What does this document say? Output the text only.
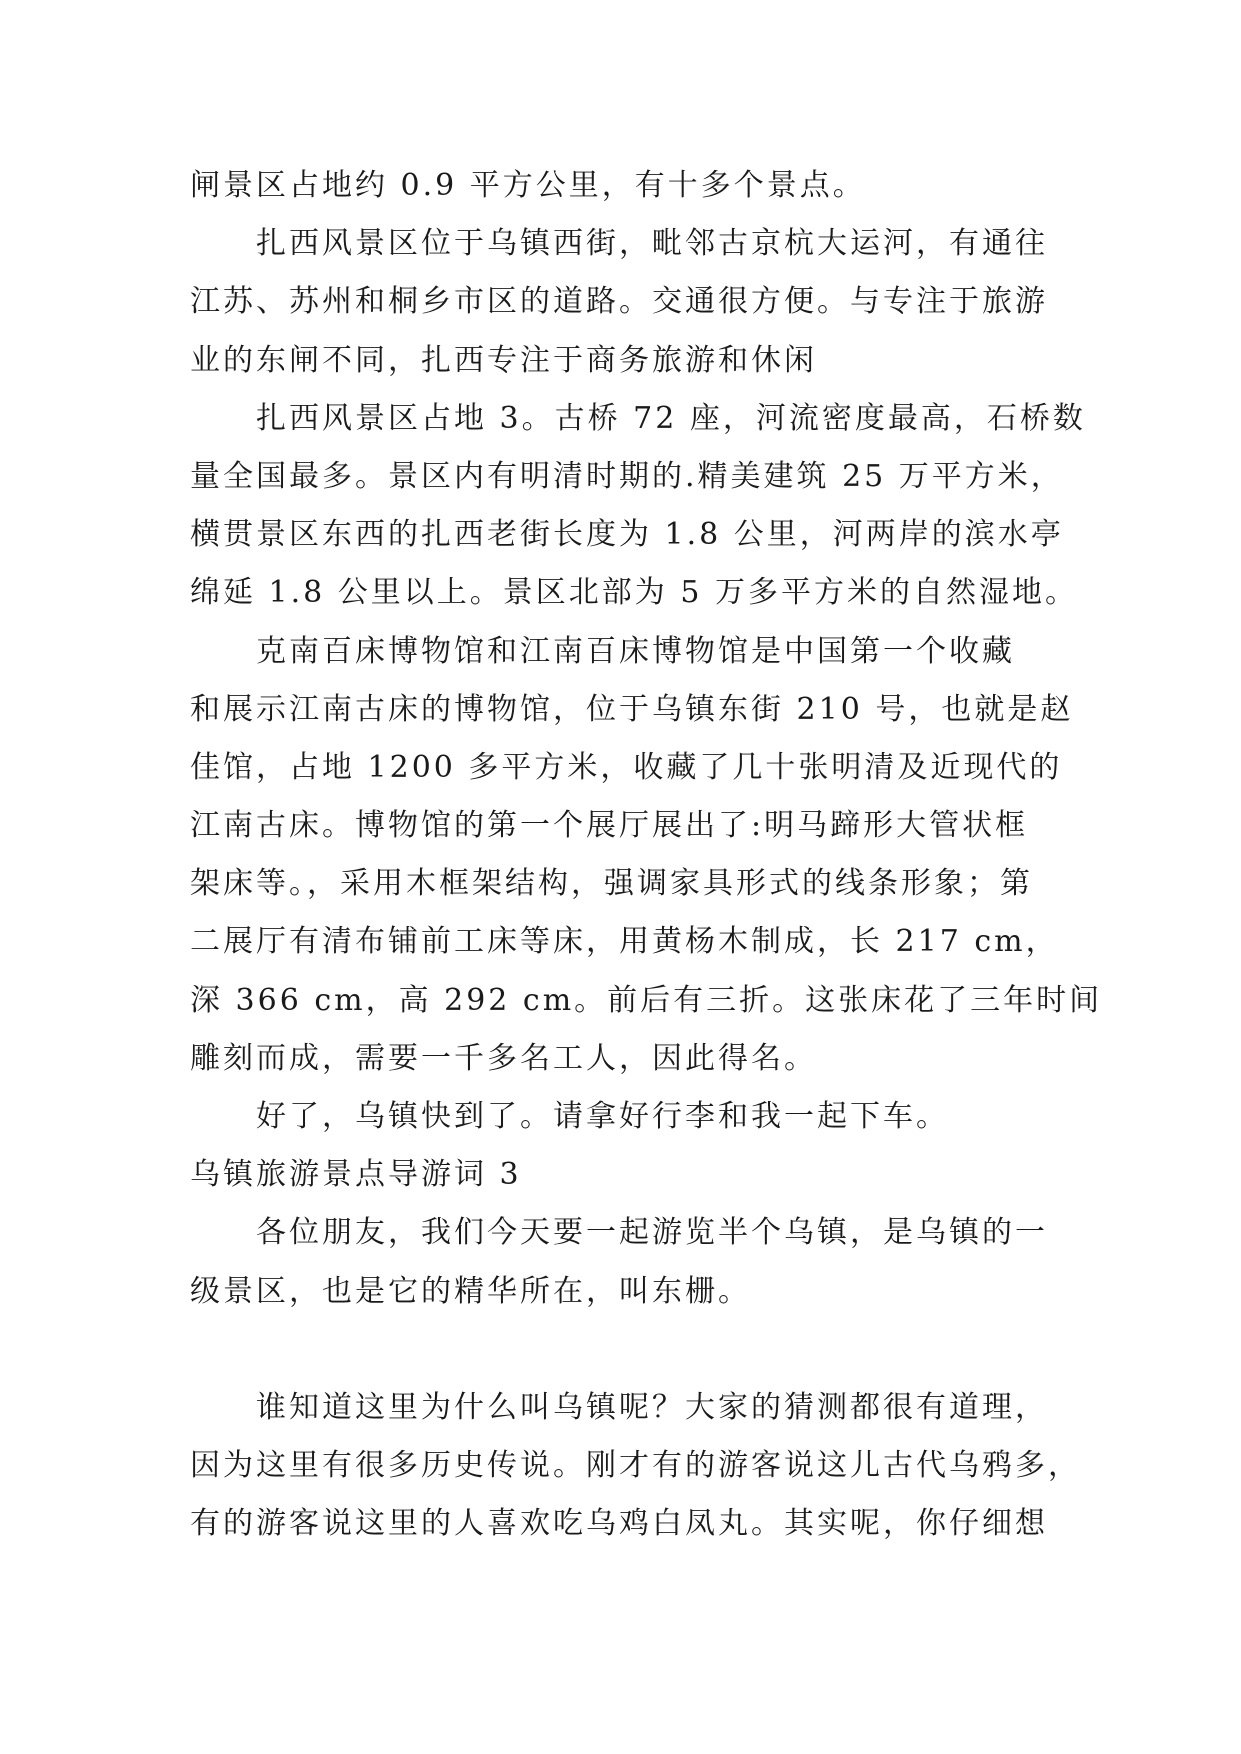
闸景区占地约 0.9 平方公里，有十多个景点。
扎西风景区位于乌镇西街，毗邻古京杭大运河，有通往
江苏、苏州和桐乡市区的道路。交通很方便。与专注于旅游
业的东闸不同，扎西专注于商务旅游和休闲
扎西风景区占地 3。古桥 72 座，河流密度最高，石桥数
量全国最多。景区内有明清时期的.精美建筑 25 万平方米，
横贯景区东西的扎西老街长度为 1.8 公里，河两岸的滨水亭
绵延 1.8 公里以上。景区北部为 5 万多平方米的自然湿地。
克南百床博物馆和江南百床博物馆是中国第一个收藏
和展示江南古床的博物馆，位于乌镇东街 210 号，也就是赵
佳馆，占地 1200 多平方米，收藏了几十张明清及近现代的
江南古床。博物馆的第一个展厅展出了:明马蹄形大管状框
架床等。，采用木框架结构，强调家具形式的线条形象；第
二展厅有清布铺前工床等床，用黄杨木制成，长 217 cm，
深 366 cm，高 292 cm。前后有三折。这张床花了三年时间
雕刻而成，需要一千多名工人，因此得名。
好了，乌镇快到了。请拿好行李和我一起下车。
乌镇旅游景点导游词 3
各位朋友，我们今天要一起游览半个乌镇，是乌镇的一
级景区，也是它的精华所在，叫东栅。
谁知道这里为什么叫乌镇呢？大家的猜测都很有道理，
因为这里有很多历史传说。刚才有的游客说这儿古代乌鸦多，
有的游客说这里的人喜欢吃乌鸡白凤丸。其实呢，你仔细想
